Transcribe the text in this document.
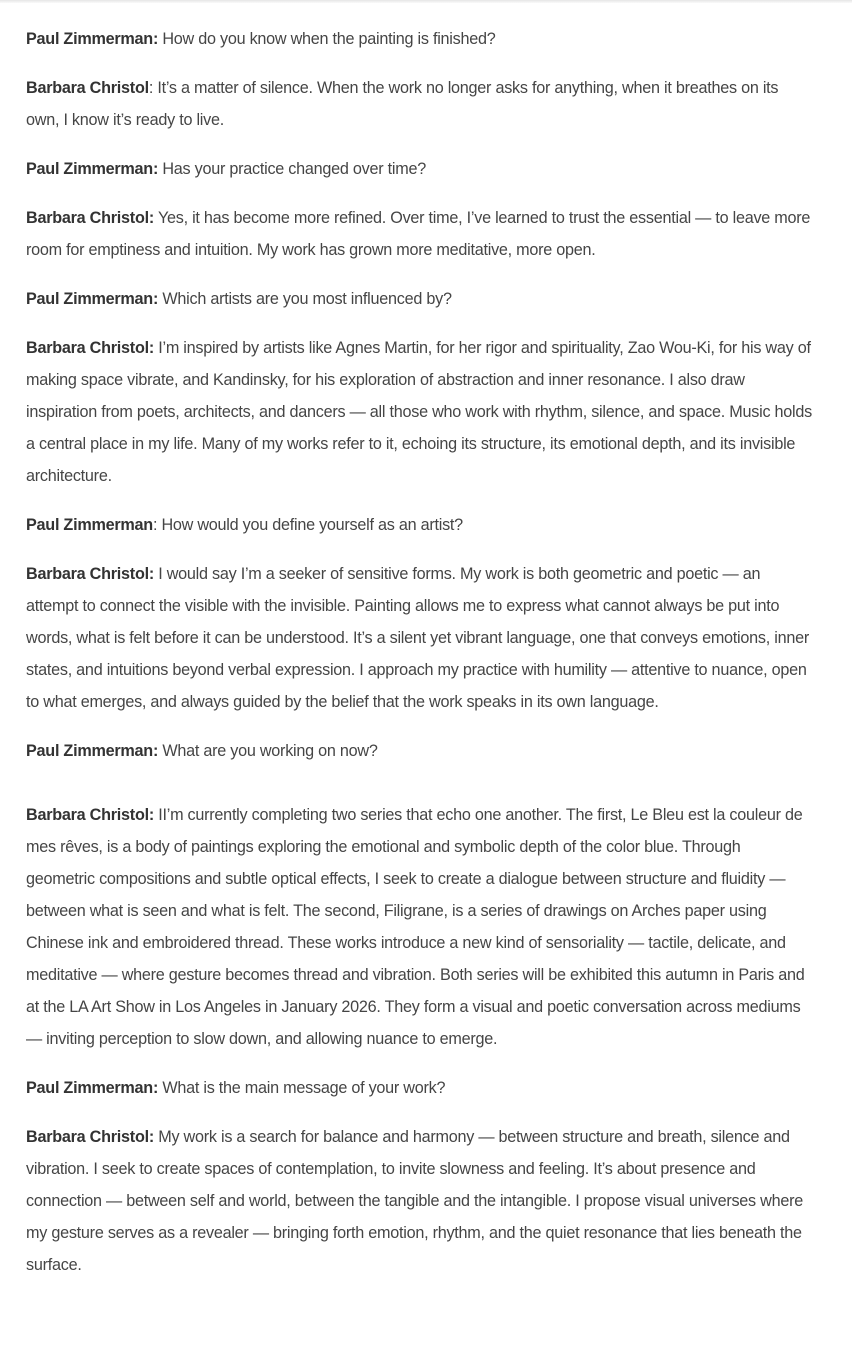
Paul Zimmerman: How do you know when the painting is finished?

Barbara Christol: It’s a matter of silence. When the work no longer asks for anything, when it breathes on its own, I know it’s ready to live.

Paul Zimmerman: Has your practice changed over time?

Barbara Christol: Yes, it has become more refined. Over time, I’ve learned to trust the essential — to leave more room for emptiness and intuition. My work has grown more meditative, more open.

Paul Zimmerman: Which artists are you most influenced by?

Barbara Christol: I’m inspired by artists like Agnes Martin, for her rigor and spirituality, Zao Wou-Ki, for his way of making space vibrate, and Kandinsky, for his exploration of abstraction and inner resonance. I also draw inspiration from poets, architects, and dancers — all those who work with rhythm, silence, and space. Music holds a central place in my life. Many of my works refer to it, echoing its structure, its emotional depth, and its invisible architecture.

Paul Zimmerman: How would you define yourself as an artist?

Barbara Christol: I would say I’m a seeker of sensitive forms. My work is both geometric and poetic — an attempt to connect the visible with the invisible. Painting allows me to express what cannot always be put into words, what is felt before it can be understood. It’s a silent yet vibrant language, one that conveys emotions, inner states, and intuitions beyond verbal expression. I approach my practice with humility — attentive to nuance, open to what emerges, and always guided by the belief that the work speaks in its own language.

Paul Zimmerman: What are you working on now?

Barbara Christol: II’m currently completing two series that echo one another. The first, Le Bleu est la couleur de mes rêves, is a body of paintings exploring the emotional and symbolic depth of the color blue. Through geometric compositions and subtle optical effects, I seek to create a dialogue between structure and fluidity — between what is seen and what is felt. The second, Filigrane, is a series of drawings on Arches paper using Chinese ink and embroidered thread. These works introduce a new kind of sensoriality — tactile, delicate, and meditative — where gesture becomes thread and vibration. Both series will be exhibited this autumn in Paris and at the LA Art Show in Los Angeles in January 2026. They form a visual and poetic conversation across mediums — inviting perception to slow down, and allowing nuance to emerge.

Paul Zimmerman: What is the main message of your work?

Barbara Christol: My work is a search for balance and harmony — between structure and breath, silence and vibration. I seek to create spaces of contemplation, to invite slowness and feeling. It’s about presence and connection — between self and world, between the tangible and the intangible. I propose visual universes where my gesture serves as a revealer — bringing forth emotion, rhythm, and the quiet resonance that lies beneath the surface.
